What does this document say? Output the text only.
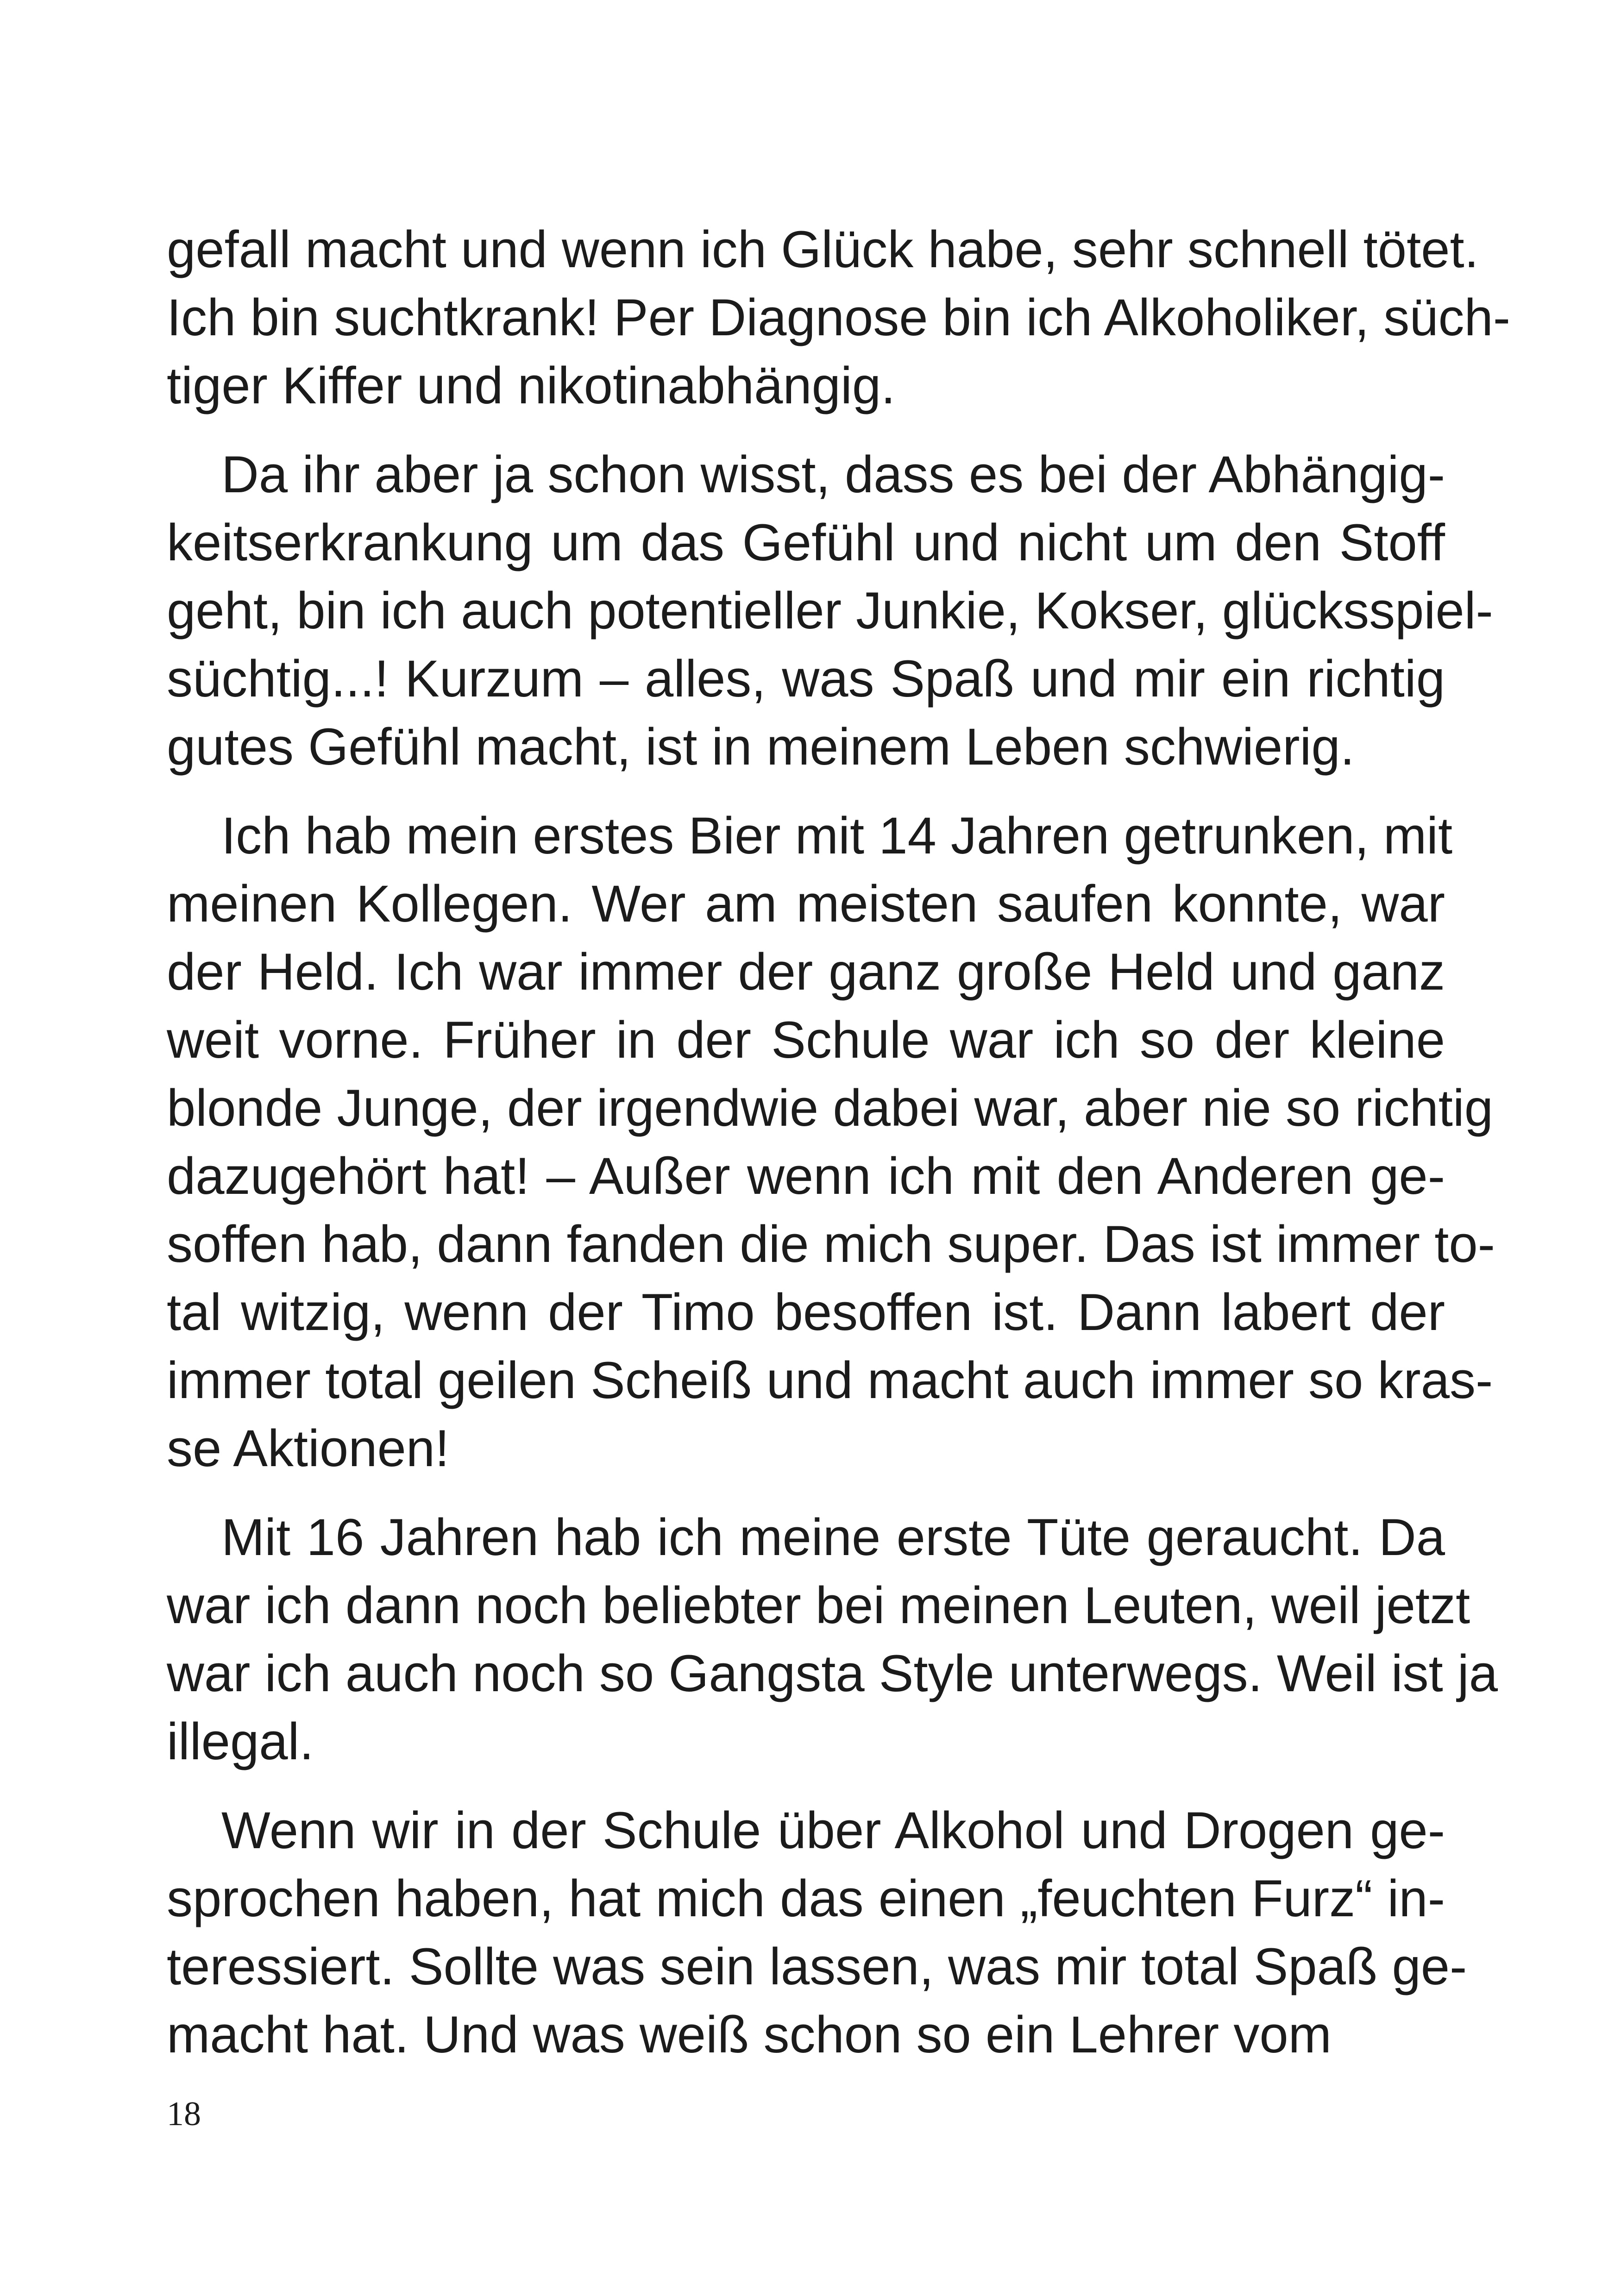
gefall macht und wenn ich Glück habe, sehr schnell tötet.
Ich bin suchtkrank! Per Diagnose bin ich Alkoholiker, süch-
tiger Kiffer und nikotinabhängig.
Da ihr aber ja schon wisst, dass es bei der Abhängig-
keitserkrankung um das Gefühl und nicht um den Stoff
geht, bin ich auch potentieller Junkie, Kokser, glücksspiel-
süchtig...! Kurzum – alles, was Spaß und mir ein richtig
gutes Gefühl macht, ist in meinem Leben schwierig.
Ich hab mein erstes Bier mit 14 Jahren getrunken, mit
meinen Kollegen. Wer am meisten saufen konnte, war
der Held. Ich war immer der ganz große Held und ganz
weit vorne. Früher in der Schule war ich so der kleine
blonde Junge, der irgendwie dabei war, aber nie so richtig
dazugehört hat! – Außer wenn ich mit den Anderen ge-
soffen hab, dann fanden die mich super. Das ist immer to-
tal witzig, wenn der Timo besoffen ist. Dann labert der
immer total geilen Scheiß und macht auch immer so kras-
se Aktionen!
Mit 16 Jahren hab ich meine erste Tüte geraucht. Da
war ich dann noch beliebter bei meinen Leuten, weil jetzt
war ich auch noch so Gangsta Style unterwegs. Weil ist ja
illegal.
Wenn wir in der Schule über Alkohol und Drogen ge-
sprochen haben, hat mich das einen „feuchten Furz“ in-
teressiert. Sollte was sein lassen, was mir total Spaß ge-
macht hat. Und was weiß schon so ein Lehrer vom
18
